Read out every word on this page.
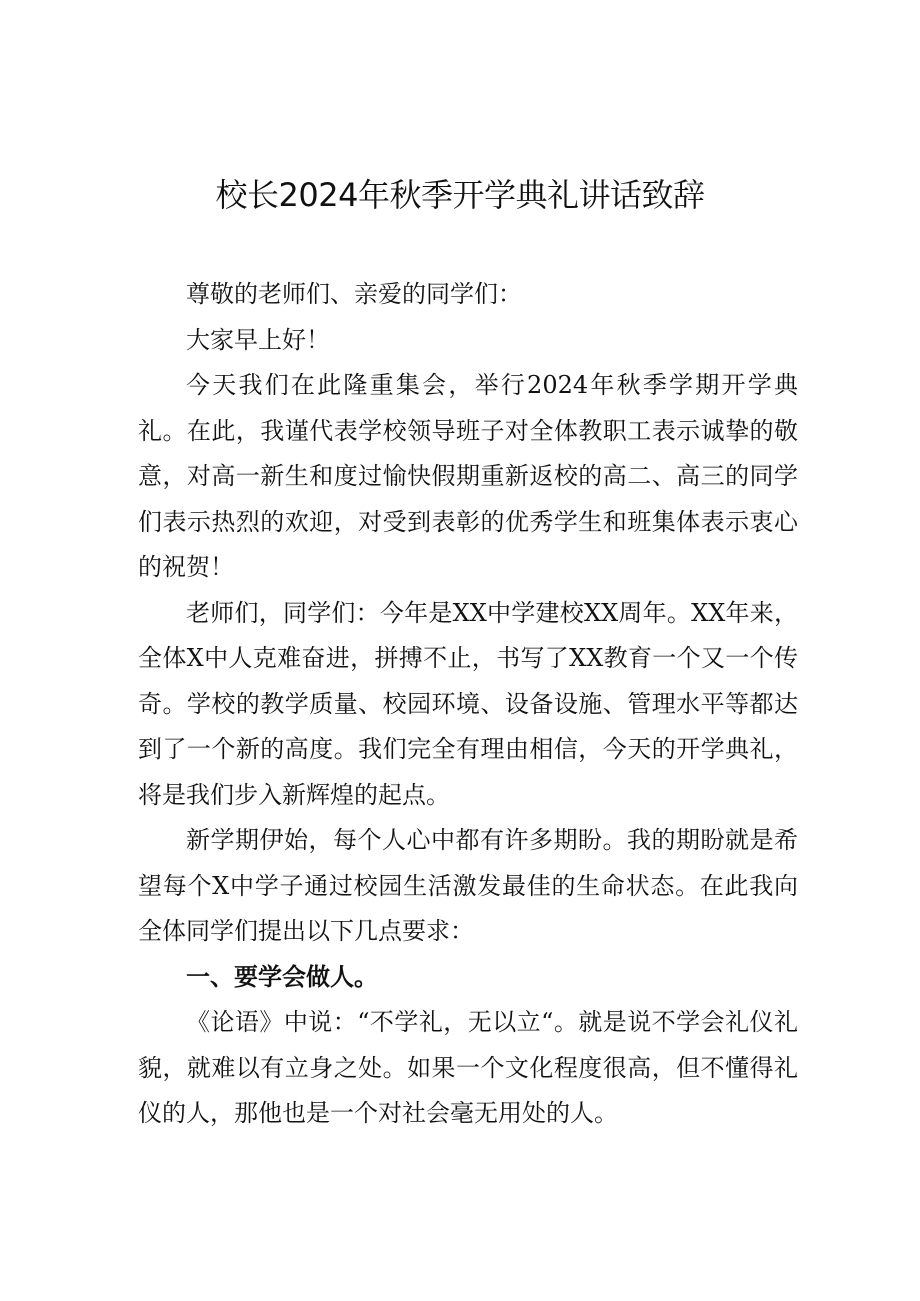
校长2024年秋季开学典礼讲话致辞

尊敬的老师们、亲爱的同学们：

大家早上好！

今天我们在此隆重集会，举行2024年秋季学期开学典礼。在此，我谨代表学校领导班子对全体教职工表示诚挚的敬意，对高一新生和度过愉快假期重新返校的高二、高三的同学们表示热烈的欢迎，对受到表彰的优秀学生和班集体表示衷心的祝贺！

老师们，同学们：今年是XX中学建校XX周年。XX年来，全体X中人克难奋进，拼搏不止，书写了XX教育一个又一个传奇。学校的教学质量、校园环境、设备设施、管理水平等都达到了一个新的高度。我们完全有理由相信，今天的开学典礼，将是我们步入新辉煌的起点。

新学期伊始，每个人心中都有许多期盼。我的期盼就是希望每个X中学子通过校园生活激发最佳的生命状态。在此我向全体同学们提出以下几点要求：

一、要学会做人。

《论语》中说：“不学礼，无以立“。就是说不学会礼仪礼貌，就难以有立身之处。如果一个文化程度很高，但不懂得礼仪的人，那他也是一个对社会毫无用处的人。
